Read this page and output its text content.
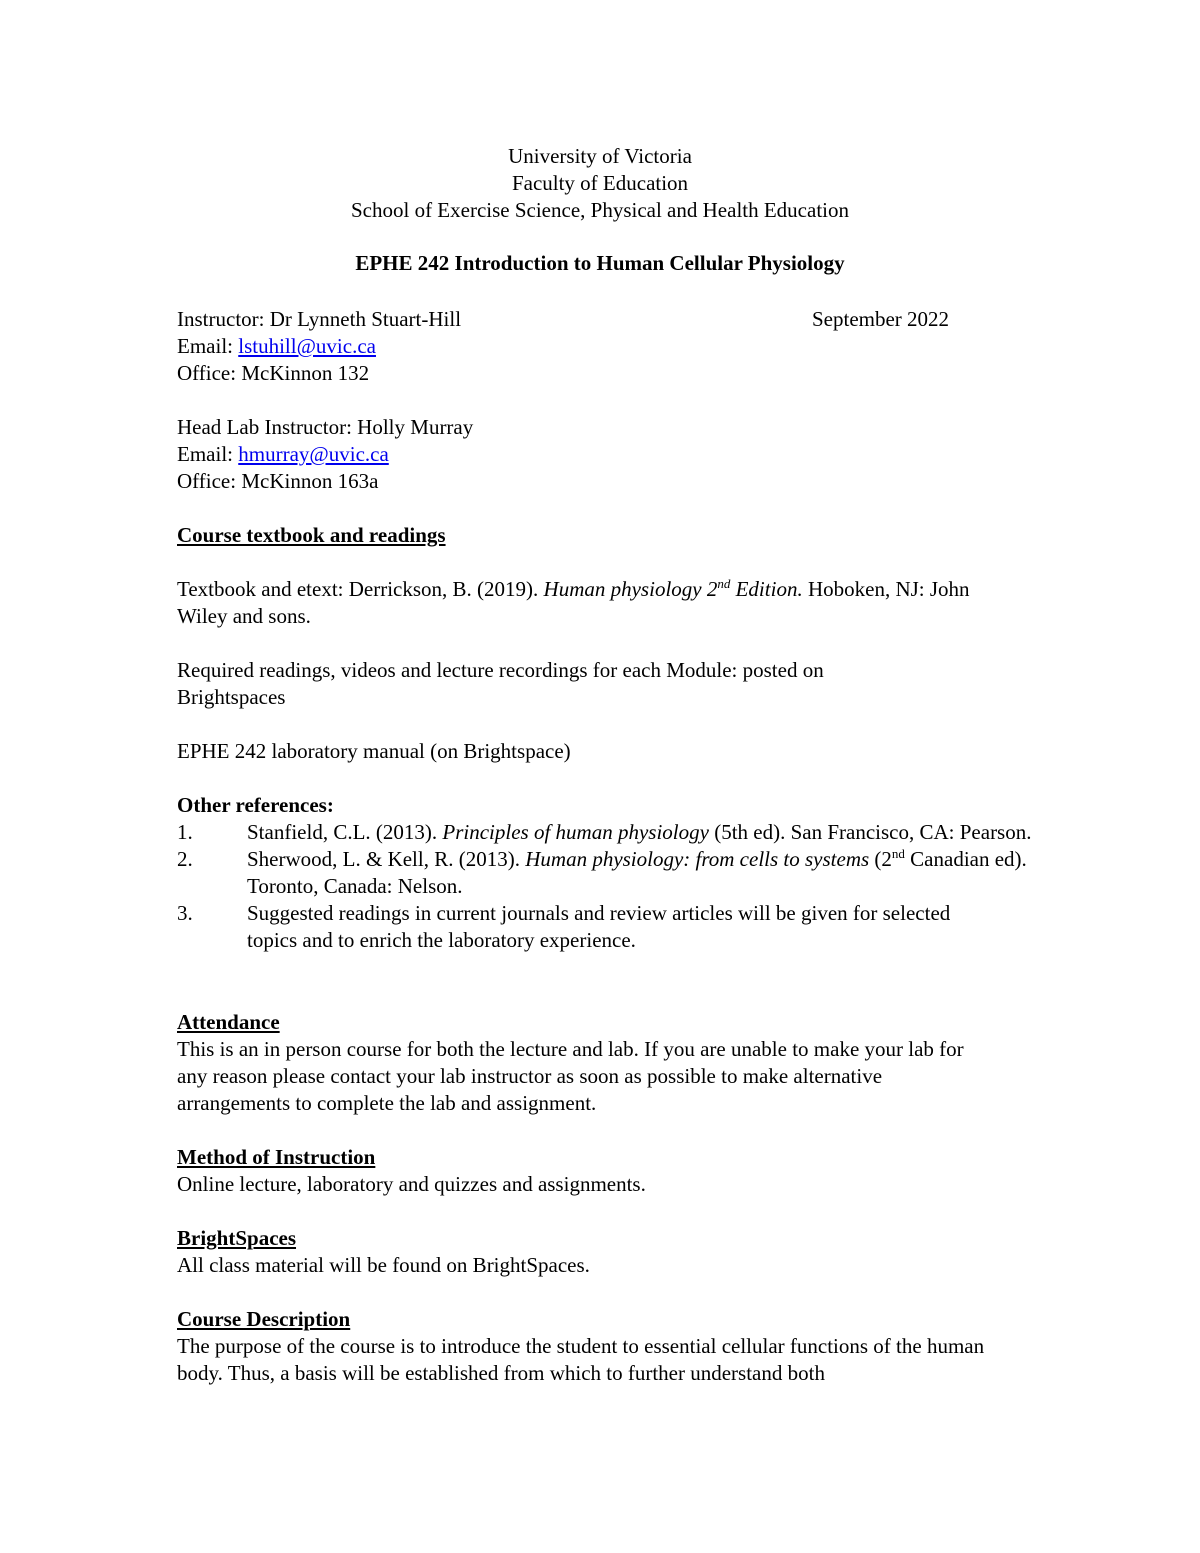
University of Victoria
Faculty of Education
School of Exercise Science, Physical and Health Education
EPHE 242 Introduction to Human Cellular Physiology
Instructor: Dr Lynneth Stuart-Hill	September 2022
Email: lstuhill@uvic.ca
Office: McKinnon 132
Head Lab Instructor: Holly Murray
Email: hmurray@uvic.ca
Office: McKinnon 163a
Course textbook and readings
Textbook and etext: Derrickson, B. (2019). Human physiology 2nd Edition. Hoboken, NJ: John Wiley and sons.
Required readings, videos and lecture recordings for each Module: posted on Brightspaces
EPHE 242 laboratory manual (on Brightspace)
Other references:
1.	Stanfield, C.L. (2013). Principles of human physiology (5th ed). San Francisco, CA: Pearson.
2.	Sherwood, L. & Kell, R. (2013). Human physiology: from cells to systems (2nd Canadian ed). Toronto, Canada: Nelson.
3.	Suggested readings in current journals and review articles will be given for selected topics and to enrich the laboratory experience.
Attendance
This is an in person course for both the lecture and lab. If you are unable to make your lab for any reason please contact your lab instructor as soon as possible to make alternative arrangements to complete the lab and assignment.
Method of Instruction
Online lecture, laboratory and quizzes and assignments.
BrightSpaces
All class material will be found on BrightSpaces.
Course Description
The purpose of the course is to introduce the student to essential cellular functions of the human body. Thus, a basis will be established from which to further understand both
